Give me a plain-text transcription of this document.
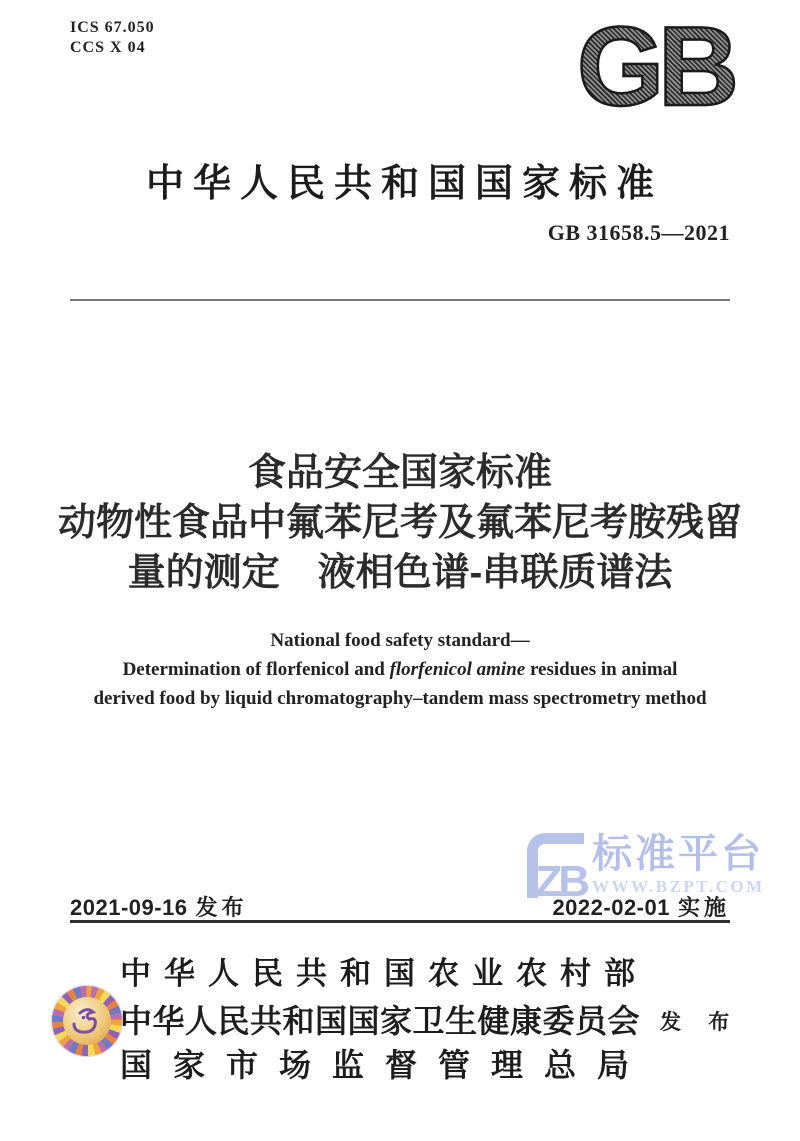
ICS 67.050
CCS X 04	GB
中华人民共和国国家标准
GB 31658.5—2021
食品安全国家标准
动物性食品中氟苯尼考及氟苯尼考胺残留
量的测定　液相色谱-串联质谱法
National food safety standard—
Determination of florfenicol and florfenicol amine residues in animal
derived food by liquid chromatography–tandem mass spectrometry method
ZB
标准平台
WWW.BZPT.COM
2021-09-16 发布	2022-02-01 实施
中华人民共和国农业农村部
中华人民共和国国家卫生健康委员会 发 布
国家市场监督管理总局
